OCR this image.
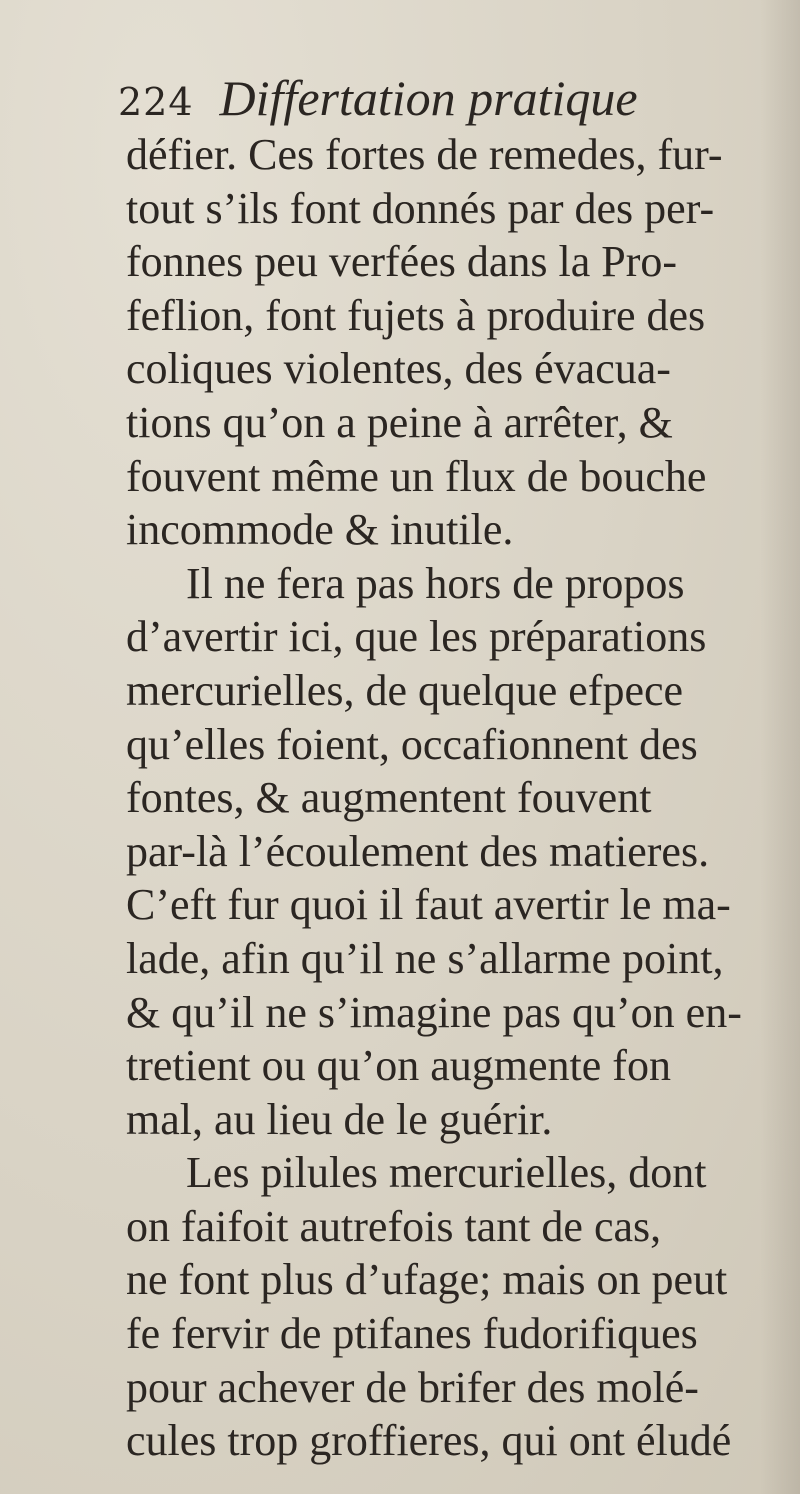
224 Differtation pratique
défier. Ces fortes de remedes, fur-
tout s’ils font donnés par des per-
fonnes peu verfées dans la Pro-
feflion, font fujets à produire des
coliques violentes, des évacua-
tions qu’on a peine à arrêter, &
fouvent même un flux de bouche
incommode & inutile.
Il ne fera pas hors de propos
d’avertir ici, que les préparations
mercurielles, de quelque efpece
qu’elles foient, occafionnent des
fontes, & augmentent fouvent
par-là l’écoulement des matieres.
C’eft fur quoi il faut avertir le ma-
lade, afin qu’il ne s’allarme point,
& qu’il ne s’imagine pas qu’on en-
tretient ou qu’on augmente fon
mal, au lieu de le guérir.
Les pilules mercurielles, dont
on faifoit autrefois tant de cas,
ne font plus d’ufage; mais on peut
fe fervir de ptifanes fudorifiques
pour achever de brifer des molé-
cules trop groffieres, qui ont éludé
